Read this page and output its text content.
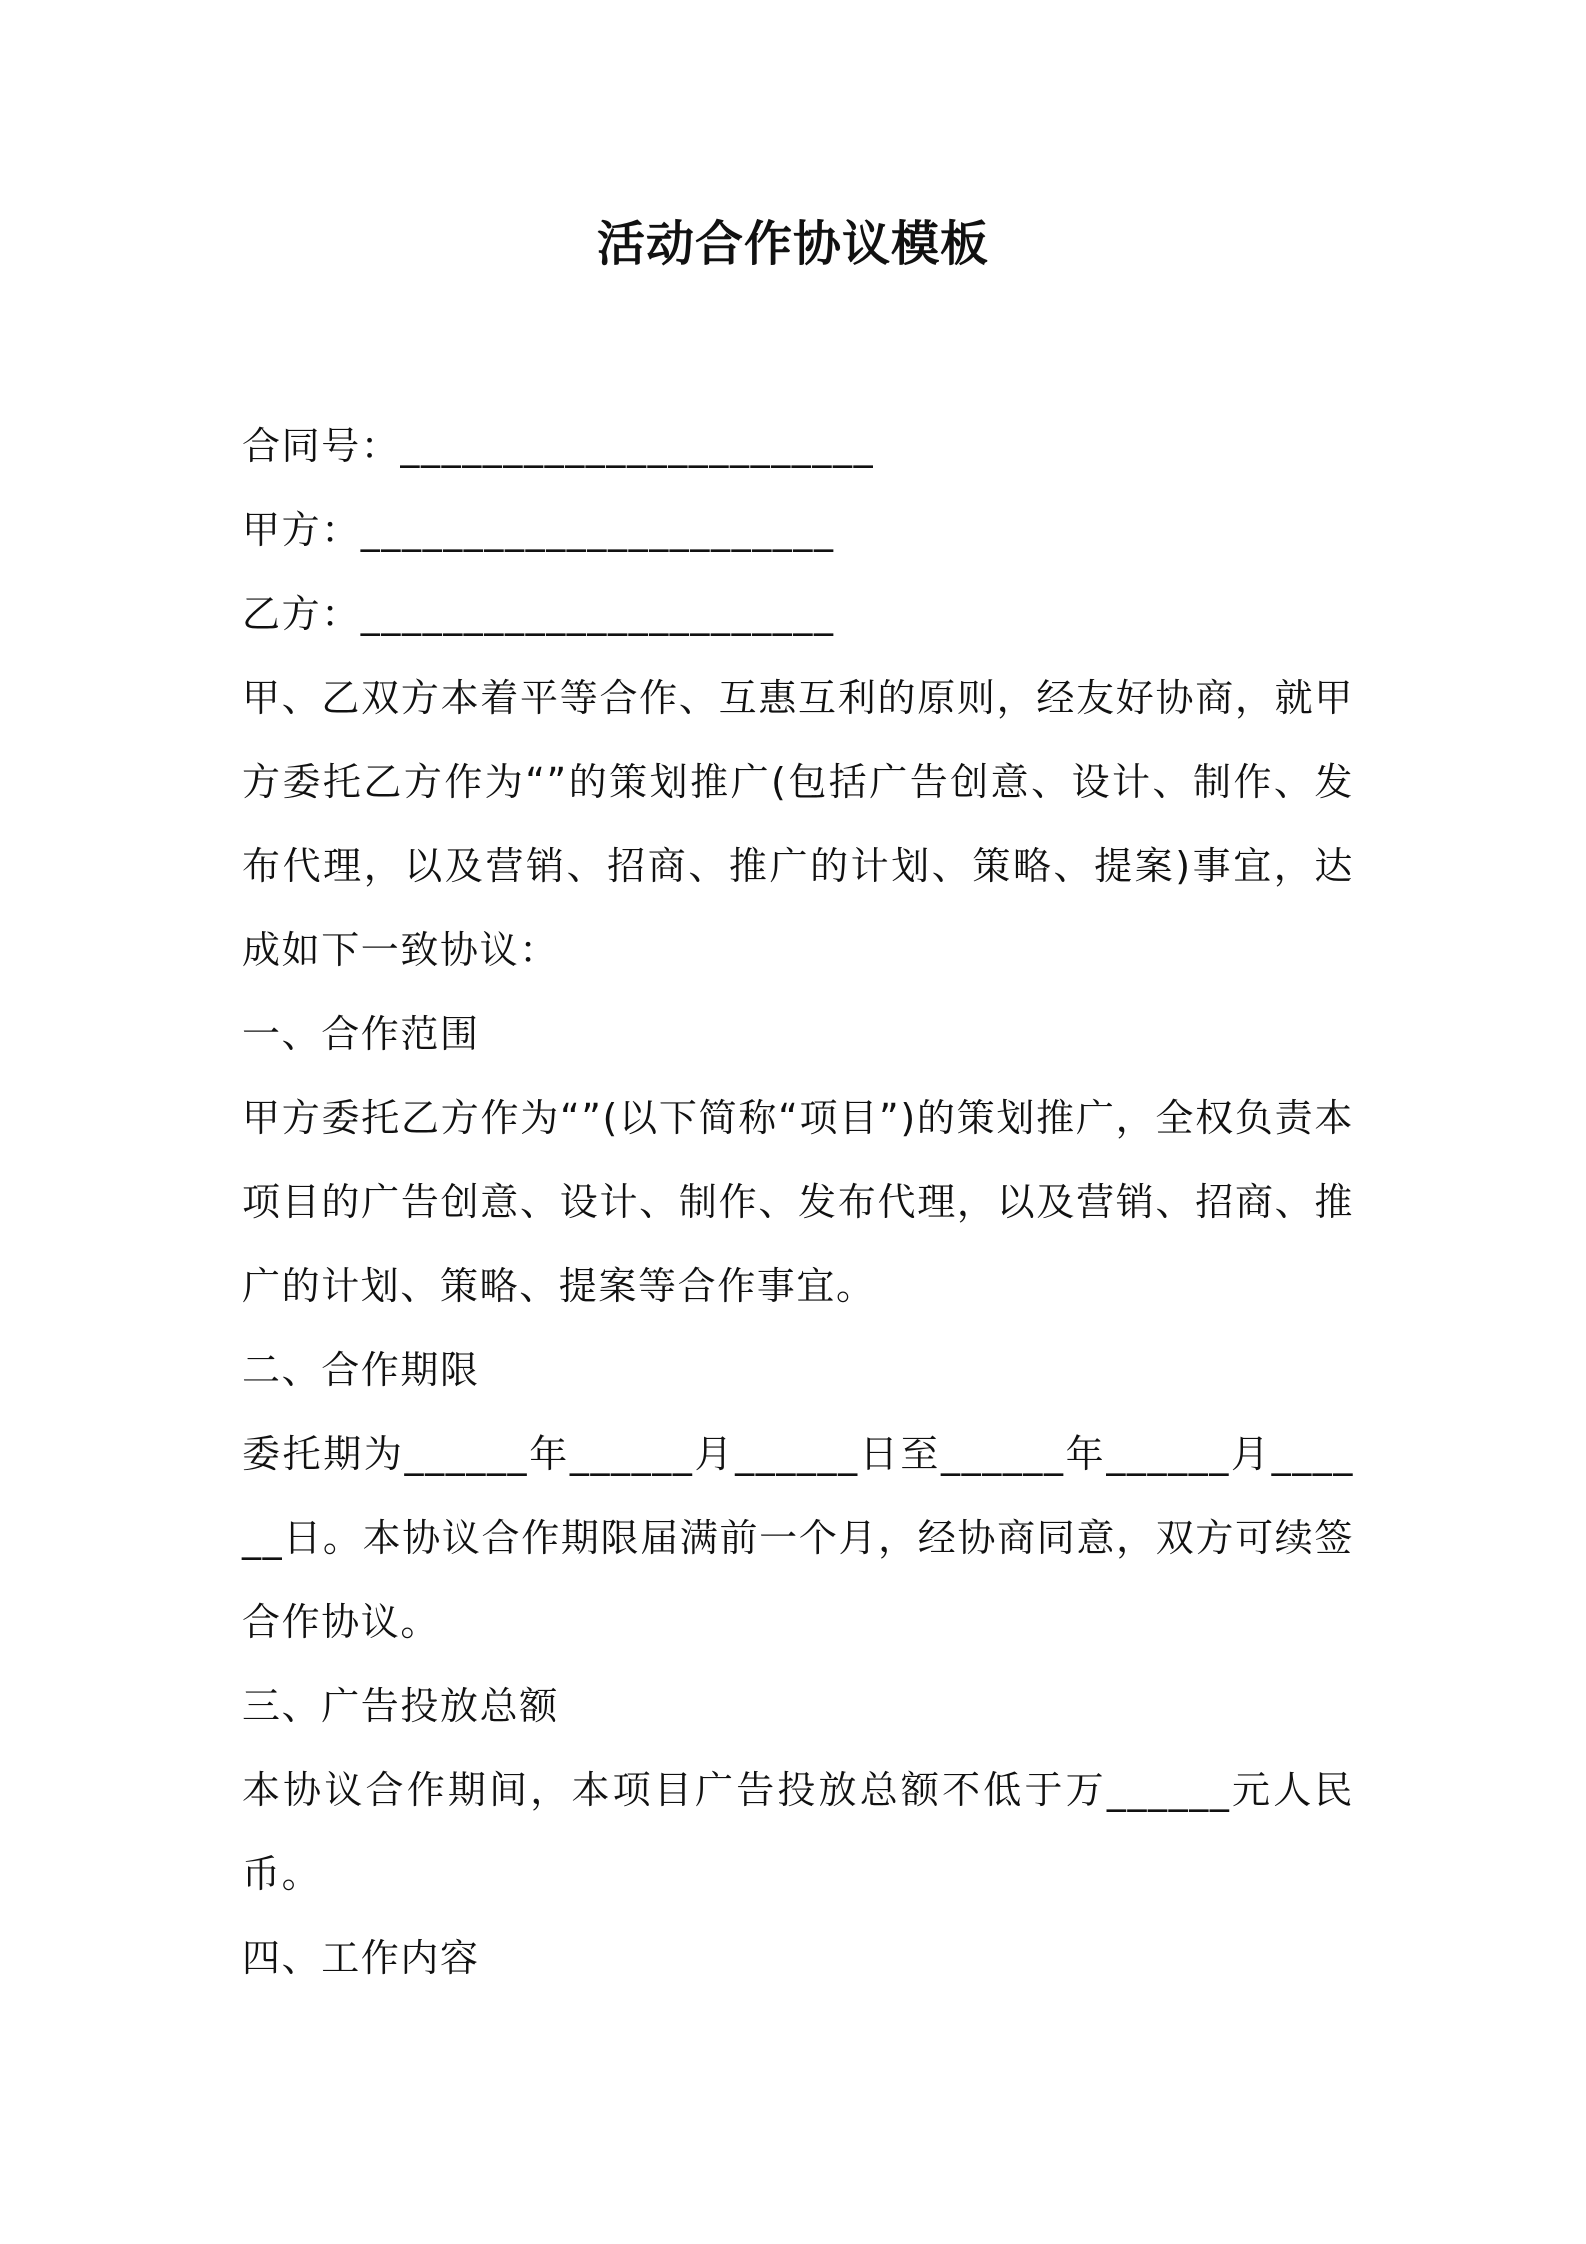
活动合作协议模板

合同号：_______________________

甲方：_______________________

乙方：_______________________

甲、乙双方本着平等合作、互惠互利的原则，经友好协商，就甲方委托乙方作为“”的策划推广(包括广告创意、设计、制作、发布代理，以及营销、招商、推广的计划、策略、提案)事宜，达成如下一致协议：

一、合作范围

甲方委托乙方作为“”(以下简称“项目”)的策划推广，全权负责本项目的广告创意、设计、制作、发布代理，以及营销、招商、推广的计划、策略、提案等合作事宜。

二、合作期限

委托期为______年______月______日至______年______月______日。本协议合作期限届满前一个月，经协商同意，双方可续签合作协议。

三、广告投放总额

本协议合作期间，本项目广告投放总额不低于万______元人民币。

四、工作内容
